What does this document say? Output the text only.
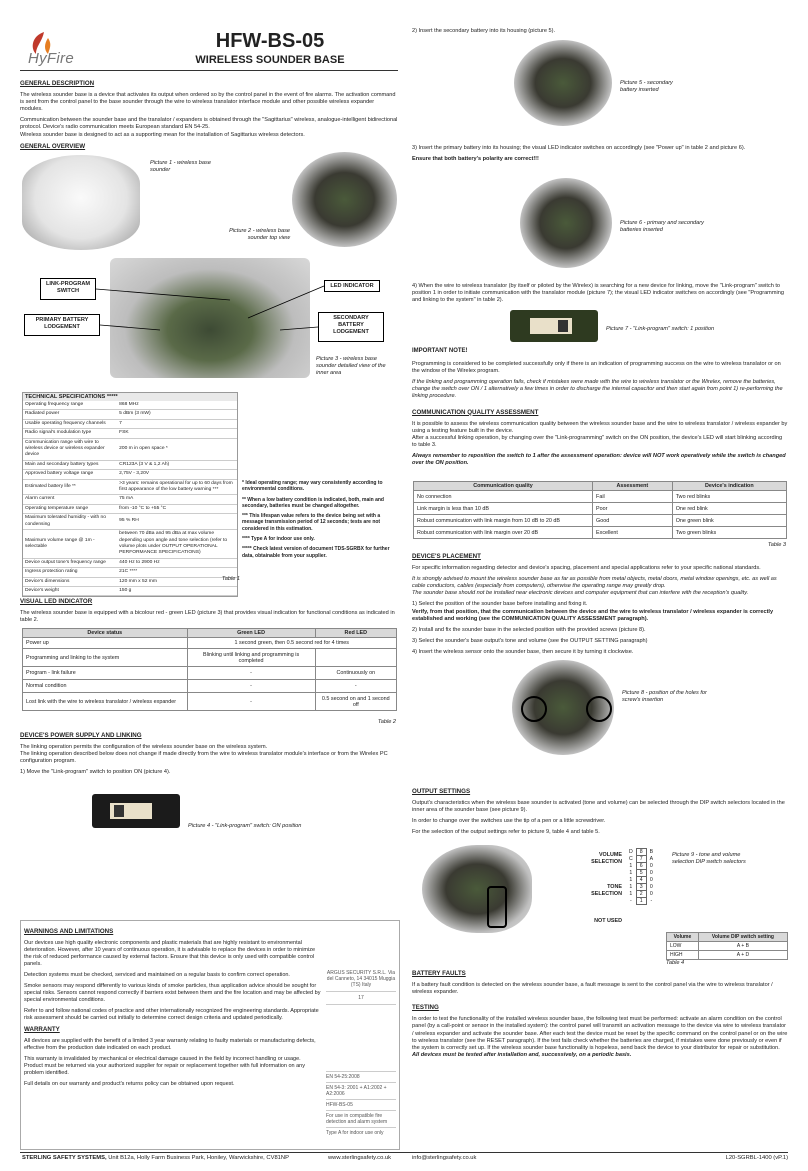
HyFire
HFW-BS-05
WIRELESS SOUNDER BASE
GENERAL DESCRIPTION

The wireless sounder base is a device that activates its output when ordered so by the control panel in the event of fire alarms. The activation command is sent from the control panel to the base sounder through the wire to wireless translator interface module and other possible wireless expander modules.

Communication between the sounder base and the translator / expanders is obtained through the "Sagittarius" wireless, analogue-intelligent bidirectional protocol. Device's radio communication meets European standard EN 54-25.

Wireless sounder base is designed to act as a supporting mean for the installation of Sagittarius wireless detectors.

GENERAL OVERVIEW
Picture 1 - wireless base sounder
Picture 2 - wireless base sounder top view
LINK-PROGRAM SWITCH
LED INDICATOR
PRIMARY BATTERY LODGEMENT
SECONDARY BATTERY LODGEMENT
Picture 3 - wireless base sounder detailed view of the inner area
TECHNICAL SPECIFICATIONS *****
Operating frequency range	868 MHz
Radiated power	5 dBm (3 mW)
Usable operating frequency channels	7
Radio signal's modulation type	FSK
Communication range with wire to wireless device or wireless expander device	200 m in open space *
Main and secondary battery types	CR123A (3 V & 1,2 Ah)
Approved battery voltage range	2,75V - 3,20V
Estimated battery life **	>3 years: remains operational for up to 60 days from first appearance of the low battery warning ***
Alarm current	75 mA
Operating temperature range	from -10 °C to +55 °C
Maximum tolerated humidity - with no condensing	95 % RH
Maximum volume range @ 1m - selectable	between 70 dBa and 95 dBa at max volume depending upon angle and tone selection (refer to volume plots under OUTPUT OPERATIONAL PERFORMANCE SPECIFICATIONS)
Device output tone's frequency range	440 Hz to 2900 Hz
Ingress protection rating	21C ****
Device's dimensions	120 mm x 52 mm
Device's weight	150 g
Table 1

* Ideal operating range; may vary consistently according to environmental conditions.

** When a low battery condition is indicated, both, main and secondary, batteries must be changed altogether.

*** This lifespan value refers to the device being set with a message transmission period of 12 seconds; tests are not considered in this estimation.

**** Type A for indoor use only.

***** Check latest version of document TDS-SGRBX for further data, obtainable from your supplier.

VISUAL LED INDICATOR

The wireless sounder base is equipped with a bicolour red - green LED (picture 3) that provides visual indication for functional conditions as indicated in table 2.

Device status	Green LED	Red LED
Power up	1 second green, then 0.5 second red for 4 times	
Programming and linking to the system	Blinking until linking and programming is completed	
Program - link failure	-	Continuously on
Normal condition	-	-
Lost link with the wire to wireless translator / wireless expander	-	0.5 second on and 1 second off
Table 2
DEVICE'S POWER SUPPLY AND LINKING

The linking operation permits the configuration of the wireless sounder base on the wireless system.

The linking operation described below does not change if made directly from the wire to wireless translator module's interface or from the Wirelex PC configuration program.

1) Move the "Link-program" switch to position ON (picture 4).

Picture 4 - "Link-program" switch: ON position
WARNINGS AND LIMITATIONS

Our devices use high quality electronic components and plastic materials that are highly resistant to environmental deterioration. However, after 10 years of continuous operation, it is advisable to replace the devices in order to minimize the risk of reduced performance caused by external factors. Ensure that this device is only used with compatible control panels.

Detection systems must be checked, serviced and maintained on a regular basis to confirm correct operation.

Smoke sensors may respond differently to various kinds of smoke particles, thus application advice should be sought for special risks. Sensors cannot respond correctly if barriers exist between them and the fire location and may be affected by special environmental conditions.

Refer to and follow national codes of practice and other internationally recognized fire engineering standards. Appropriate risk assessment should be carried out initially to determine correct design criteria and updated periodically.

WARRANTY

All devices are supplied with the benefit of a limited 3 year warranty relating to faulty materials or manufacturing defects, effective from the production date indicated on each product.

This warranty is invalidated by mechanical or electrical damage caused in the field by incorrect handling or usage.

Product must be returned via your authorized supplier for repair or replacement together with full information on any problem identified.

Full details on our warranty and product's returns policy can be obtained upon request.

ARGUS SECURITY S.R.L. Via del Canneto, 14 34015 Muggia (TS) Italy
17
EN 54-25:2008
EN 54-3: 2001 + A1:2002 + A2:2006
HFW-BS-05
For use in compatible fire detection and alarm system
Type A for indoor use only
STERLING SAFETY SYSTEMS, Unit B12a, Holly Farm Business Park, Honiley, Warwickshire, CV81NP	www.sterlingsafety.co.uk	info@sterlingsafety.co.uk	L20-SGRBL-1400 (vP.1)
2) Insert the secondary battery into its housing (picture 5).
Picture 5 - secondary battery inserted

3) Insert the primary battery into its housing; the visual LED indicator switches on accordingly (see "Power up" in table 2 and picture 6).

Ensure that both battery's polarity are correct!!!

Picture 6 - primary and secondary batteries inserted
4) When the wire to wireless translator (by itself or piloted by the Wirelex) is searching for a new device for linking, move the "Link-program" switch to position 1 in order to initiate communication with the translator module (picture 7); the visual LED indicator switches on accordingly (see "Programming and linking to the system" in table 2).
Picture 7 - "Link-program" switch: 1 position
IMPORTANT NOTE!

Programming is considered to be completed successfully only if there is an indication of programming success on the wire to wireless translator or on the window of the Wirelex program.

If the linking and programming operation fails, check if mistakes were made with the wire to wireless translator or the Wirelex, remove the batteries, change the switch over ON / 1 alternatively a few times in order to discharge the internal capacitor and then start again from point 1) re-performing the linking procedure.

COMMUNICATION QUALITY ASSESSMENT

It is possible to assess the wireless communication quality between the wireless sounder base and the wire to wireless translator / wireless expander by using a testing feature built in the device.

After a successful linking operation, by changing over the "Link-programming" switch on the ON position, the device's LED will start blinking according to table 3.

Always remember to reposition the switch to 1 after the assessment operation: device will NOT work operatively while the switch is changed over the ON position.

Communication quality	Assessment	Device's indication
No connection	Fail	Two red blinks
Link margin is less than 10 dB	Poor	One red blink
Robust communication with link margin from 10 dB to 20 dB	Good	One green blink
Robust communication with link margin over 20 dB	Excellent	Two green blinks
Table 3
DEVICE'S PLACEMENT

For specific information regarding detector and device's spacing, placement and special applications refer to your specific national standards.

It is strongly advised to mount the wireless sounder base as far as possible from metal objects, metal doors, metal window openings, etc. as well as cable conductors, cables (especially from computers), otherwise the operating range may greatly drop.

The sounder base should not be installed near electronic devices and computer equipment that can interfere with the reception's quality.

1) Select the position of the sounder base before installing and fixing it.

Verify, from that position, that the communication between the device and the wire to wireless translator / wireless expander is correctly established and working (see the COMMUNICATION QUALITY ASSESSMENT paragraph).

2) Install and fix the sounder base in the selected position with the provided screws (picture 8).

3) Select the sounder's base output's tone and volume (see the OUTPUT SETTING paragraph)

4) Insert the wireless sensor onto the sounder base, then secure it by turning it clockwise.

Picture 8 - position of the holes for screw's insertion
OUTPUT SETTINGS

Output's characteristics when the wireless base sounder is activated (tone and volume) can be selected through the DIP switch selectors located in the inner area of the sounder base (see picture 9).

In order to change over the switches use the tip of a pen or a little screwdriver.

For the selection of the output settings refer to picture 9, table 4 and table 5.

VOLUME SELECTION
TONE SELECTION
NOT USED
D	8	B
C	7	A
1	6	0
1	5	0
1	4	0
1	3	0
1	2	0
-	1	-
Picture 9 - tone and volume selection DIP switch selectors
Volume	Volume DIP switch setting
LOW	A + B
HIGH	A + D
Table 4
BATTERY FAULTS

If a battery fault condition is detected on the wireless sounder base, a fault message is sent to the control panel via the wire to wireless translator / wireless expander.

TESTING

In order to test the functionality of the installed wireless sounder base, the following test must be performed: activate an alarm condition on the control panel (by a call-point or sensor in the installed system): the control panel will transmit an activation message to the device via wire to wireless translator / wireless expander and activate the sounder base. After each test the device must be reset by the specific command on the control panel or on the wire to wireless translator (see the RESET paragraph). If the test fails check whether the batteries are charged, if mistakes were done previously or even if the system is correctly set up. If the wireless sounder base functionality is hopeless, send back the device to your distributor for repair or substitution.

All devices must be tested after installation and, successively, on a periodic basis.
